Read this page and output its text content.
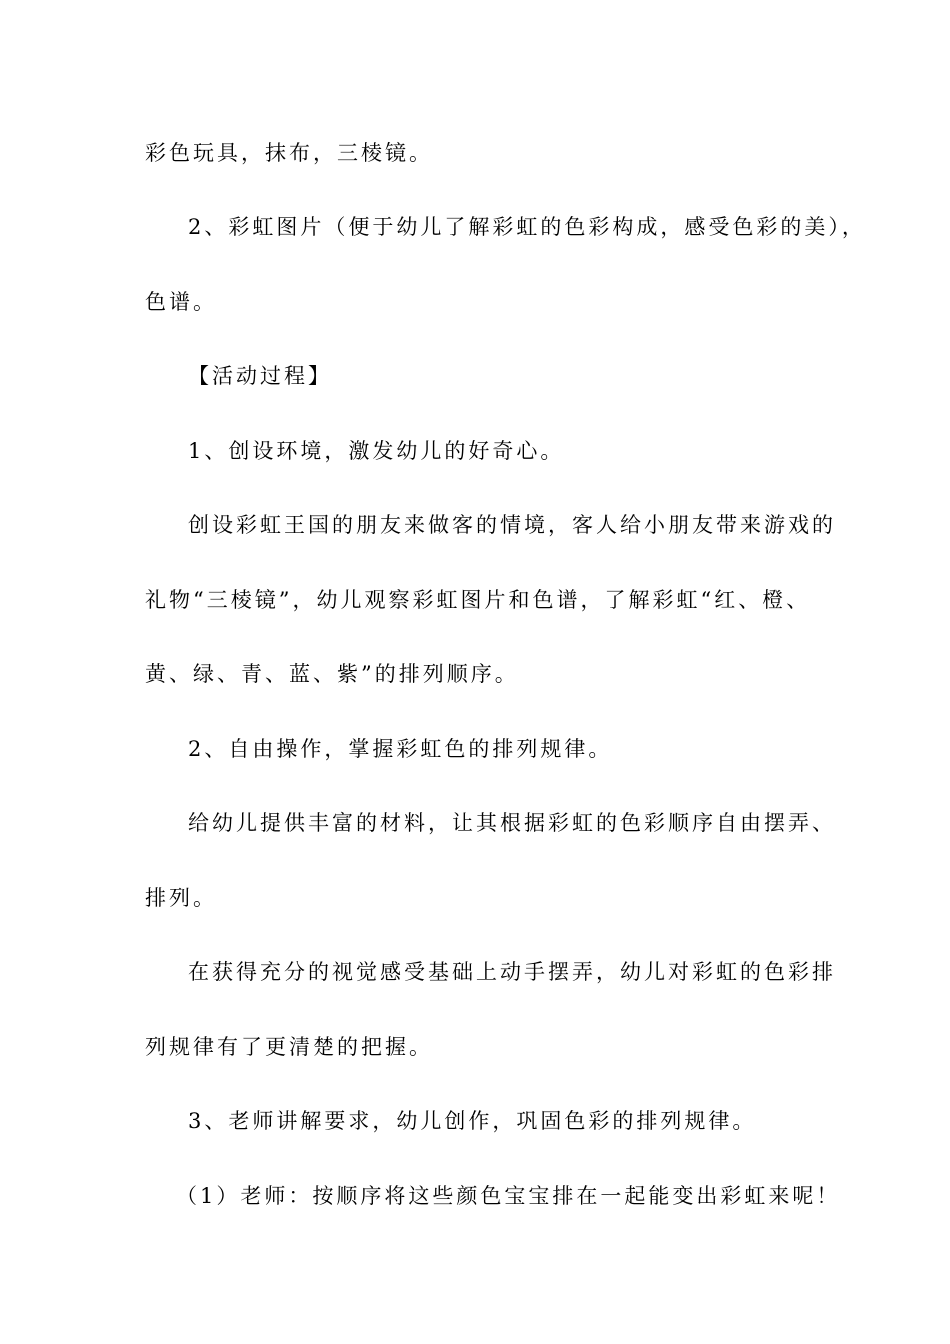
彩色玩具，抹布，三棱镜。
2、彩虹图片（便于幼儿了解彩虹的色彩构成，感受色彩的美），
色谱。
【活动过程】
1、创设环境，激发幼儿的好奇心。
创设彩虹王国的朋友来做客的情境，客人给小朋友带来游戏的
礼物“三棱镜”，幼儿观察彩虹图片和色谱，了解彩虹“红、橙、
黄、绿、青、蓝、紫”的排列顺序。
2、自由操作，掌握彩虹色的排列规律。
给幼儿提供丰富的材料，让其根据彩虹的色彩顺序自由摆弄、
排列。
在获得充分的视觉感受基础上动手摆弄，幼儿对彩虹的色彩排
列规律有了更清楚的把握。
3、老师讲解要求，幼儿创作，巩固色彩的排列规律。
（1）老师：按顺序将这些颜色宝宝排在一起能变出彩虹来呢！
